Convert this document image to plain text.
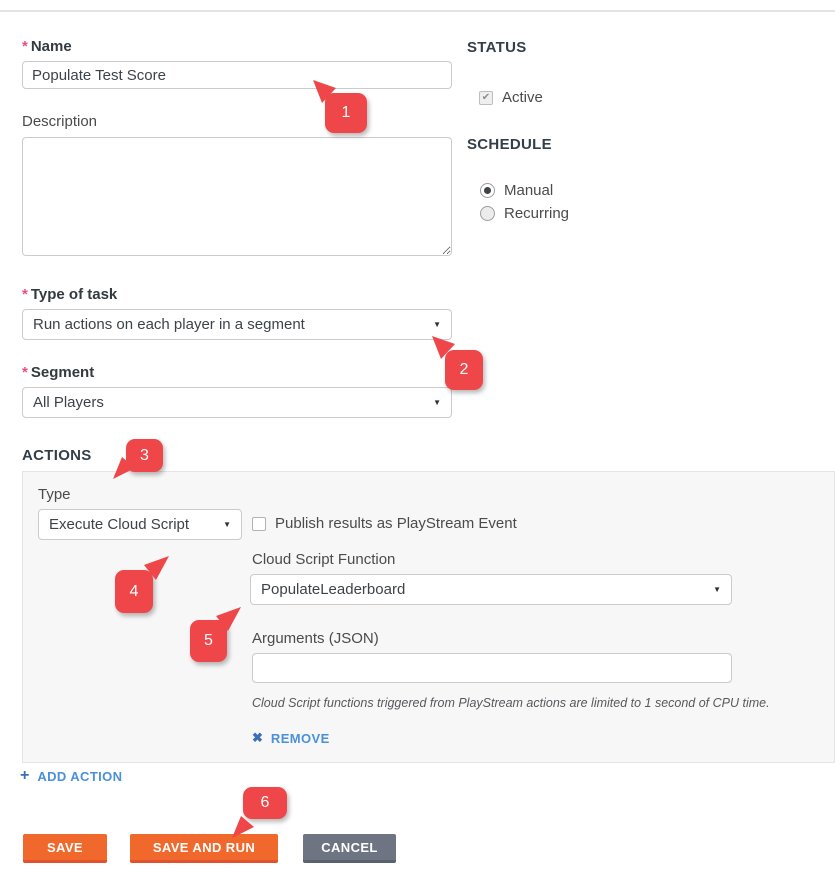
* Name
Populate Test Score
Description
STATUS
✔ Active
SCHEDULE
Manual
Recurring
* Type of task
Run actions on each player in a segment	▼
* Segment
All Players	▼
ACTIONS
Type
Execute Cloud Script	▼	Publish results as PlayStream Event
Cloud Script Function
PopulateLeaderboard	▼
Arguments (JSON)
Cloud Script functions triggered from PlayStream actions are limited to 1 second of CPU time.
✖ REMOVE
+ ADD ACTION
SAVE	SAVE AND RUN	CANCEL
1
2
3
4
5
6
